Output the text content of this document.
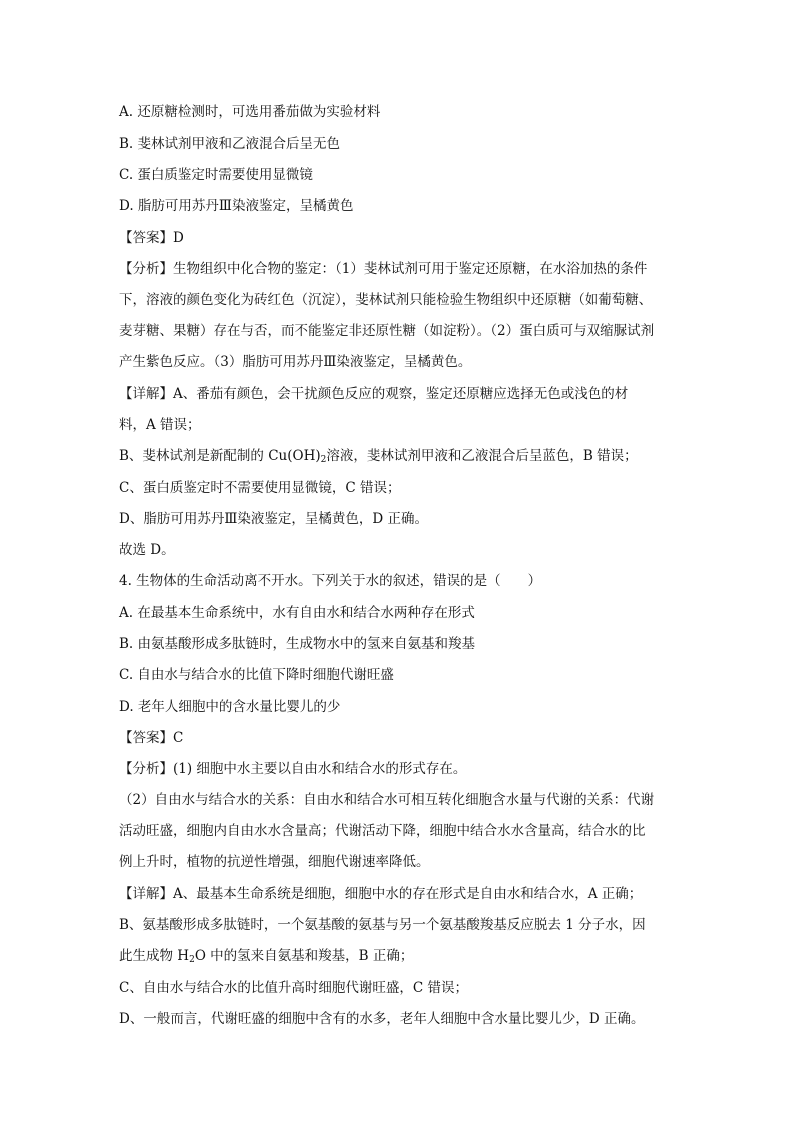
A. 还原糖检测时，可选用番茄做为实验材料
B. 斐林试剂甲液和乙液混合后呈无色
C. 蛋白质鉴定时需要使用显微镜
D. 脂肪可用苏丹Ⅲ染液鉴定，呈橘黄色
【答案】D
【分析】生物组织中化合物的鉴定：（1）斐林试剂可用于鉴定还原糖，在水浴加热的条件
下，溶液的颜色变化为砖红色（沉淀），斐林试剂只能检验生物组织中还原糖（如葡萄糖、
麦芽糖、果糖）存在与否，而不能鉴定非还原性糖（如淀粉）。（2）蛋白质可与双缩脲试剂
产生紫色反应。（3）脂肪可用苏丹Ⅲ染液鉴定，呈橘黄色。
【详解】A、番茄有颜色，会干扰颜色反应的观察，鉴定还原糖应选择无色或浅色的材
料，A 错误；
B、斐林试剂是新配制的 $Cu(OH)_2$溶液，斐林试剂甲液和乙液混合后呈蓝色，B 错误；
C、蛋白质鉴定时不需要使用显微镜，C 错误；
D、脂肪可用苏丹Ⅲ染液鉴定，呈橘黄色，D 正确。
故选 D。
4. 生物体的生命活动离不开水。下列关于水的叙述，错误的是（　　）
A. 在最基本生命系统中，水有自由水和结合水两种存在形式
B. 由氨基酸形成多肽链时，生成物水中的氢来自氨基和羧基
C. 自由水与结合水的比值下降时细胞代谢旺盛
D. 老年人细胞中的含水量比婴儿的少
【答案】C
【分析】(1) 细胞中水主要以自由水和结合水的形式存在。
（2）自由水与结合水的关系：自由水和结合水可相互转化细胞含水量与代谢的关系：代谢
活动旺盛，细胞内自由水水含量高；代谢活动下降，细胞中结合水水含量高，结合水的比
例上升时，植物的抗逆性增强，细胞代谢速率降低。
【详解】A、最基本生命系统是细胞，细胞中水的存在形式是自由水和结合水，A 正确；
B、氨基酸形成多肽链时，一个氨基酸的氨基与另一个氨基酸羧基反应脱去 1 分子水，因
此生成物 $H_2O$ 中的氢来自氨基和羧基，B 正确；
C、自由水与结合水的比值升高时细胞代谢旺盛，C 错误；
D、一般而言，代谢旺盛的细胞中含有的水多，老年人细胞中含水量比婴儿少，D 正确。
